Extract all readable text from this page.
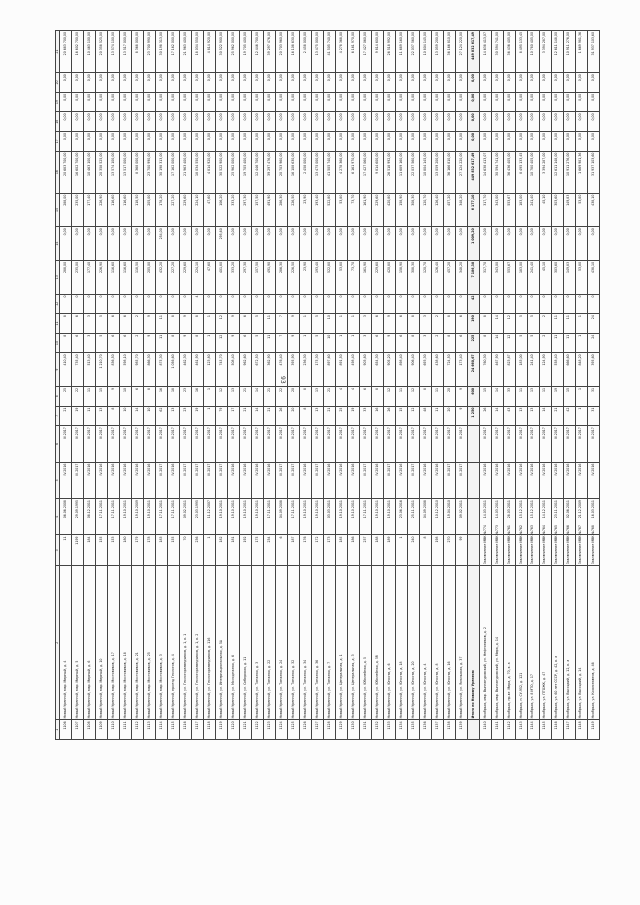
93
1	2	3	4	5	6	7	8	9	10	11	12	13	14	15	16	17	18	19	20	21
1106	Новый Уренгой, мкр. Мирный, д. 4	11	06.06.2008	IV.2016	IV.2017	21	25	410,40	8	8	0	288,00	0,00	288,00	20 683 700,00	0,00	0,00	0,00	0,00	20 683 700,00
1107	Новый Уренгой, мкр. Мирный, д. 5	1199	29.09.1995	III.2017	IV.2017	19	22	735,40	6	6	0	235,00	0,00	235,00	16 602 700,00	0,00	0,00	0,00	0,00	16 602 700,00
1108	Новый Уренгой, мкр. Мирный, д. 6	184	08.12.2011	IV.2016	IV.2017	11	11	513,40	3	3	0	177,40	0,00	177,40	10 463 100,00	0,00	0,00	0,00	0,00	10 463 100,00
1109	Новый Уренгой, мкр. Мирный, д. 10	155	17.11.2011	IV.2016	IV.2017	13	15	1 210,70	5	5	0	226,90	0,00	226,90	20 358 525,00	0,00	0,00	0,00	0,00	20 358 525,00
1110	Новый Уренгой, мкр. Мостовиков, д. 17	153	17.11.2011	IV.2016	IV.2017	8	9	836,50	6	6	0	116,60	0,00	116,60	13 574 100,00	0,00	0,00	0,00	0,00	13 574 100,00
1111	Новый Уренгой, мкр. Мостовиков, д. 18	180	19.10.2011	IV.2016	IV.2017	10	10	598,10	6	6	0	116,60	0,00	116,60	13 517 000,00	0,00	0,00	0,00	0,00	13 517 000,00
1112	Новый Уренгой, мкр. Мостовиков, д. 21	179	19.10.2009	IV.2016	IV.2017	14	6	985,70	2	2	0	118,50	0,00	118,50	8 368 000,00	0,00	0,00	0,00	0,00	8 368 000,00
1113	Новый Уренгой, мкр. Мостовиков, д. 25	178	19.10.2011	IV.2016	IV.2017	10	8	866,30	9	9	0	205,00	0,00	205,00	23 700 990,00	0,00	0,00	0,00	0,00	23 700 990,00
1114	Новый Уренгой, мкр. Мостовиков, д. 3	183	17.11.2011	III.2017	IV.2017	62	16	875,30	11	11	0	432,20	254,00	178,20	30 198 313,00	0,00	0,00	0,00	0,00	30 198 313,00
1115	Новый Уренгой, проезд Геологов, д. 4	155	17.11.2011	IV.2016	IV.2017	13	18	1 056,60	8	8	0	227,20	0,00	227,20	17 162 000,00	0,00	0,00	0,00	0,00	17 162 000,00
1116	Новый Уренгой, ул. Геологоразведчиков, д. 1, к. 1	70	09.02.2011	III.2017	III.2017	23	23	462,30	9	9	0	229,60	0,00	229,60	21 963 400,00	0,00	0,00	0,00	0,00	21 963 400,00
1117	Новый Уренгой, ул. Геологоразведчиков, д. 1, к. 2	236	23.03.1995	III.2017	III.2017	19	16	461,90	8	8	4	224,10	0,00	224,10	18 034 550,00	0,00	0,00	0,00	0,00	18 034 550,00
1118	Новый Уренгой, ул. Геологоразведчиков, д. 116	1	11.12.2007	III.2017	III.2017	1	1	123,80	1	1	0	47,60	0,00	47,60	4 814 920,00	0,00	0,00	0,00	0,00	4 814 920,00
1119	Новый Уренгой, ул. Интернациональная, д. 5А	182	19.10.2011	III.2017	III.2017	79	12	745,70	12	12	0	401,80	295,60	106,20	30 522 900,00	0,00	0,00	0,00	0,00	30 522 900,00
1120	Новый Уренгой, ул. Молодежная, д. 6	181	19.10.2011	IV.2016	IV.2017	17	13	508,40	9	9	0	333,20	0,00	333,20	25 962 000,00	0,00	0,00	0,00	0,00	25 962 000,00
1121	Новый Уренгой, ул. Сибирская, д. 11	192	19.10.2011	IV.2016	IV.2017	21	21	962,60	6	6	0	297,30	0,00	297,30	19 705 400,00	0,00	0,00	0,00	0,00	19 705 400,00
1122	Новый Уренгой, ул. Таежная, д. 3	175	19.10.2011	IV.2016	IV.2017	14	14	672,50	5	5	0	157,50	0,00	157,50	12 446 700,00	0,00	0,00	0,00	0,00	12 446 700,00
1123	Новый Уренгой, ул. Таежная, д. 22	234	17.11.2011	IV.2016	IV.2017	21	21	362,90	11	11	0	491,90	0,00	491,90	39 297 476,00	0,00	0,00	0,00	0,00	39 297 476,00
1124	Новый Уренгой, ул. Таежная, д. 24	6	04.09.2008	III.2017	IV.2017	26	22	476,40	7	7	0	286,30	0,00	286,30	20 703 960,00	0,00	0,00	0,00	0,00	20 703 960,00
1125	Новый Уренгой, ул. Таежная, д. 32	187	17.11.2011	III.2017	IV.2017	20	20	395,90	9	9	0	226,50	0,00	226,50	16 108 630,00	0,00	0,00	0,00	0,00	16 108 630,00
1126	Новый Уренгой, ул. Таежная, д. 34	176	19.10.2011	IV.2016	IV.2017	8	8	236,30	1	1	0	23,90	0,00	23,90	2 458 000,00	0,00	0,00	0,00	0,00	2 458 000,00
1127	Новый Уренгой, ул. Таежная, д. 36	172	19.10.2011	III.2017	IV.2017	13	13	175,30	5	5	0	193,40	0,00	193,40	13 475 000,00	0,00	0,00	0,00	0,00	13 475 000,00
1128	Новый Уренгой, ул. Таежная, д. 7	173	03.03.2011	IV.2016	IV.2017	21	21	897,60	10	10	0	522,80	0,00	522,80	41 505 740,00	0,00	0,00	0,00	0,00	41 505 740,00
1129	Новый Уренгой, ул. Центральная, д. 1	185	19.10.2011	IV.2016	IV.2017	25	4	891,50	1	1	0	53,80	0,00	53,80	4 278 368,00	0,00	0,00	0,00	0,00	4 278 368,00
1130	Новый Уренгой, ул. Центральная, д. 3	186	19.10.2011	IV.2016	IV.2017	19	4	498,40	1	1	0	73,70	0,00	73,70	6 161 970,00	0,00	0,00	0,00	0,00	6 161 970,00
1131	Новый Уренгой, ул. Юбилейная, д. 5	237	17.11.2011	III.2017	IV.2017	33	6	903,80	3	3	0	161,90	0,00	161,90	17 427 060,00	0,00	0,00	0,00	0,00	17 427 060,00
1132	Новый Уренгой, ул. Юбилейная, д. 5б	188	19.10.2011	IV.2016	IV.2017	16	8	654,30	6	6	0	229,60	0,00	229,60	9 814 600,00	0,00	0,00	0,00	0,00	9 814 600,00
1133	Новый Уренгой, ул. Юности, д. 6	189	19.10.2011	III.2017	IV.2017	26	12	905,20	9	9	0	420,80	0,00	420,80	26 518 992,00	0,00	0,00	0,00	0,00	26 518 992,00
1134	Новый Уренгой, ул. Юности, д. 18	1	23.06.2016	IV.2016	IV.2017	15	11	898,40	6	6	0	158,90	0,00	158,90	11 689 160,00	0,00	0,00	0,00	0,00	11 689 160,00
1135	Новый Уренгой, ул. Юности, д. 20	240	25.11.2011	III.2017	IV.2017	12	12	906,40	8	8	0	308,30	0,00	308,30	22 037 560,00	0,00	0,00	0,00	0,00	22 037 560,00
1136	Новый Уренгой, ул. Юности, д. 4	8	04.09.2008	IV.2016	IV.2017	48	8	693,30	3	3	0	120,70	0,00	120,70	10 804 145,00	0,00	0,00	0,00	0,00	10 804 145,00
1137	Новый Уренгой, ул. Юности, д. 8	198	10.12.2010	IV.2016	IV.2017	11	11	438,60	2	2	0	126,40	0,00	126,40	13 059 200,00	0,00	0,00	0,00	0,00	13 059 200,00
1138	Новый Уренгой, ул. Юности, д. 16	270	19.04.2010	III.2017	IV.2017	20	20	724,50	8	8	0	457,20	0,00	457,20	36 166 810,00	0,00	0,00	0,00	0,00	36 166 810,00
1139	Новый Уренгой, ул. Ямальская, д. 37	99	09.02.2011	III.2017	IV.2017	9	9	173,40	6	6	0	348,20	0,00	348,20	27 124 220,00	0,00	0,00	0,00	0,00	27 124 220,00
	Итого по Новому Уренгою					1 250	600	24 660,67	225	190	42	7 186,30	1 009,20	6 177,10	449 832 617,49	0,00	0,00	0,00	0,00	449 832 617,49
1140	Ноябрьск, мкр. Вынгапуровский, ул. Нефтяников, д. 2	Заключение МВК №774	14.03.2011	IV.2016	IV.2017	26	15	760,30	8	8	0	317,70	0,00	317,70	14 638 413,07	0,00	0,00	0,00	0,00	14 638 413,07
1141	Ноябрьск, мкр. Вынгапуровский, ул. Мира, д. 14	Заключение МВК №773	14.03.2011	IV.2016	IV.2017	14	14	467,90	14	14	0	343,00	0,00	343,00	30 594 741,00	0,00	0,00	0,00	0,00	30 594 741,00
1142	Ноябрьск, пр-кт. Мира, д. 70, к. а	Заключение МВК №761	28.03.2011	IV.2016	IV.2017	43	33	823,87	12	12	0	553,67	0,00	553,67	36 436 405,00	0,00	0,00	0,00	0,00	36 436 405,00
1143	Ноябрьск, п. СУ-952, д. 121	Заключение МВК №762	15.12.2011	IV.2016	IV.2017	13	11	183,00	5	5	0	183,00	0,00	183,00	8 495 133,45	0,00	0,00	0,00	0,00	8 495 133,45
1144	Ноябрьск, ул. 8 МТО, д. 17	Заключение МВК №763	15.12.2011	IV.2016	IV.2017	13	13	241,40	5	5	0	241,40	0,00	241,40	10 780 405,00	0,00	0,00	0,00	0,00	10 780 405,00
1145	Ноябрьск, ул. ПТОЖК, д. 47	Заключение МВК №764	14.12.2011	IV.2016	IV.2017	14	11	124,90	2	2	0	45,10	0,00	45,10	3 394 287,00	0,00	0,00	0,00	0,00	3 394 287,00
1146	Ноябрьск, ул. 60 лет СССР, д. 42, к. а	Заключение МВК №765	23.11.2011	IV.2016	IV.2017	21	19	558,40	11	11	0	303,60	0,00	303,60	12 611 148,00	0,00	0,00	0,00	0,00	12 611 148,00
1147	Ноябрьск, ул. Высоцкий, д. 12, к. а	Заключение МВК №766	02.06.2011	IV.2016	IV.2017	42	15	666,60	11	11	0	149,83	0,00	149,83	10 911 276,00	0,00	0,00	0,00	0,00	10 911 276,00
1148	Ноябрьск, ул. Высоцкий, д. 14	Заключение МВК №767	21.12.2009	IV.2016	IV.2017	1	1	848,20	1	1	0	53,80	0,00	53,80	1 669 981,36	0,00	0,00	0,00	0,00	1 669 981,36
1149	Ноябрьск, ул. Космонавтов, д. 46	Заключение МВК №768	16.03.2011	IV.2016	IV.2017	31	31	395,60	24	24	0	438,10	0,00	438,10	31 937 103,60	0,00	0,00	0,00	0,00	31 937 103,60
